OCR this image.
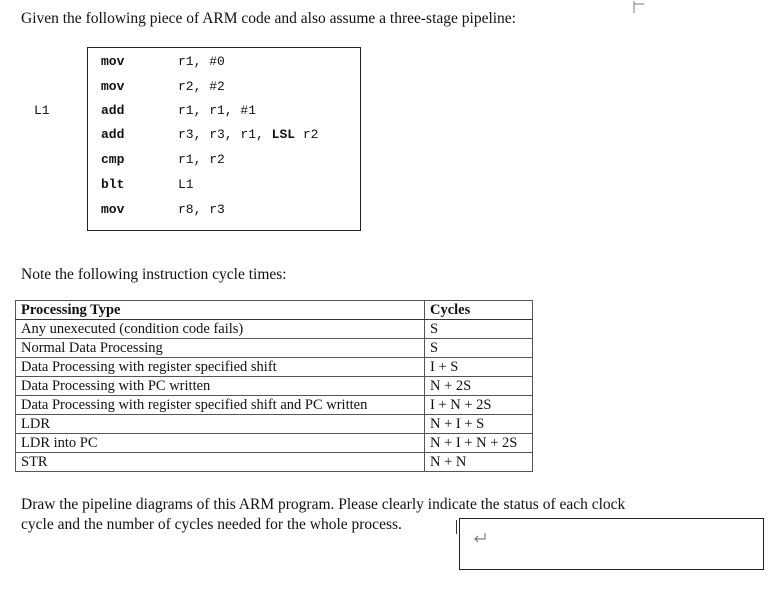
Given the following piece of ARM code and also assume a three-stage pipeline:
L1
mov	r1, #0
mov	r2, #2
add	r1, r1, #1
add	r3, r3, r1, LSL r2
cmp	r1, r2
blt	L1
mov	r8, r3
Note the following instruction cycle times:
Processing Type	Cycles
Any unexecuted (condition code fails)	S
Normal Data Processing	S
Data Processing with register specified shift	I + S
Data Processing with PC written	N + 2S
Data Processing with register specified shift and PC written	I + N + 2S
LDR	N + I + S
LDR into PC	N + I + N + 2S
STR	N + N
Draw the pipeline diagrams of this ARM program. Please clearly indicate the status of each clock cycle and the number of cycles needed for the whole process.
